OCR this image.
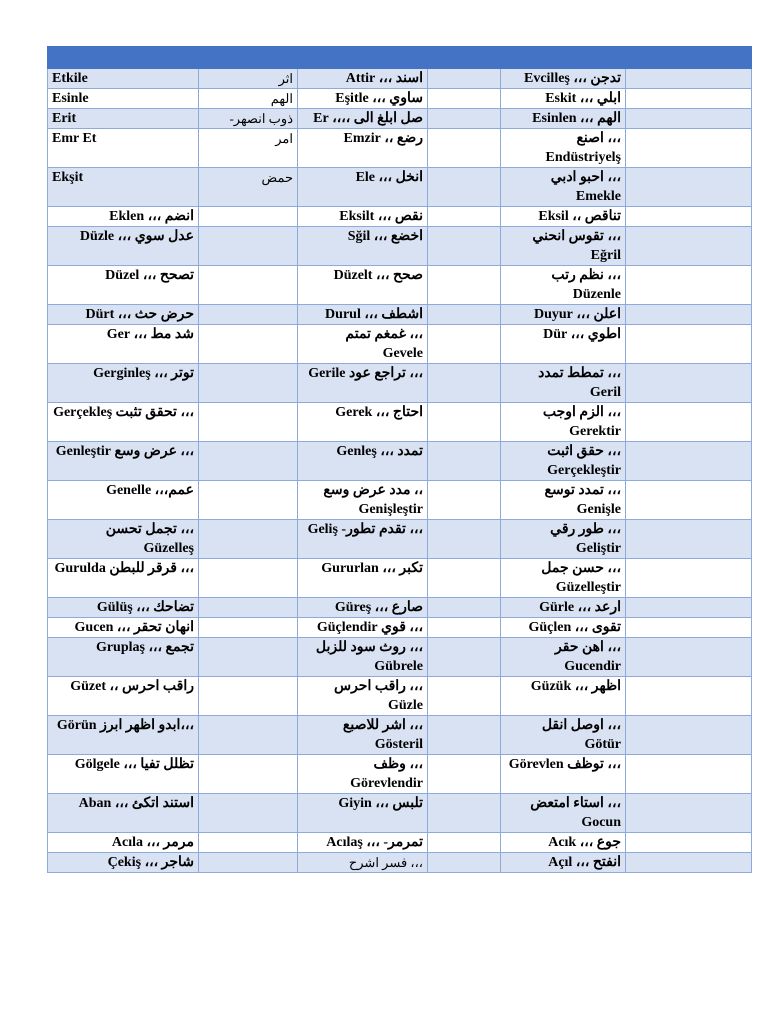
Etkile	اثر	اسند ،،، Attir		تدجن ،،، Evcilleş	
Esinle	الهم	ساوي ،،، Eşitle		ابلي ،،، Eskit	
Erit	ذوب انصهر-	صل ابلغ الى ،،،، Er		الهم ،،، Esinlen	
Emr Et	امر	رضع ،، Emzir		،،، اصنع Endüstriyelş	
Ekşit	حمض	انخل ،،، Ele		،،، احبو ادبي Emekle	
انضم ،،، Eklen		نقص ،،، Eksilt		تناقص ،، Eksil	
عدل سوي ،،، Düzle		اخضع ،،، Sğil		،،، تقوس انحني Eğril	
تصحح ،،، Düzel		صحح ،،، Düzelt		،،، نظم رتب Düzenle	
حرض حث ،،، Dürt		اشطف ،،، Durul		اعلن ،،، Duyur	
شد مط ،،، Ger		،،، غمغم تمتم Gevele		اطوي ،،، Dür	
توتر ،،، Gerginleş		،،، تراجع عود Gerile		،،، تمطط تمدد Geril	
،،، تحقق تثبت Gerçekleş		احتاج ،،، Gerek		،،، الزم اوجب Gerektir	
،،، عرض وسع Genleştir		تمدد ،،، Genleş		،،، حقق اثبت Gerçekleştir	
عمم،،، Genelle		،، مدد عرض وسع Genişleştir		،،، تمدد توسع Genişle	
،،، تجمل تحسن Güzelleş		،،، تقدم تطور- Geliş		،،، طور رقي Geliştir	
،،، قرقر للبطن Gurulda		تكبر ،،، Gururlan		،،، حسن جمل Güzelleştir	
تضاحك ،،، Gülüş		صارع ،،، Güreş		ارعد ،،، Gürle	
انهان تحقر ،،، Gucen		،،، قوي Güçlendir		تقوى ،،، Güçlen	
تجمع ،،، Gruplaş		،،، روث سود للزبل Gübrele		،،، اهن حقر Gucendir	
راقب احرس ،، Güzet		،،، راقب احرس Güzle		اظهر ،،، Güzük	
،،،ابدو اظهر ابرز Görün		،،، اشر للاصبع Gösteril		،،، اوصل انقل Götür	
تظلل تفيا ،،، Gölgele		،،، وظف Görevlendir		،،، توظف Görevlen	
استند اتكئ ،،، Aban		تلبس ،،، Giyin		،،، استاء امتعض Gocun	
مرمر ،،، Acıla		تمرمر- ،،، Acılaş		جوع ،،، Acık	
شاجر ،،، Çekiş		،،، فسر اشرح		انفتح ،،، Açıl	
